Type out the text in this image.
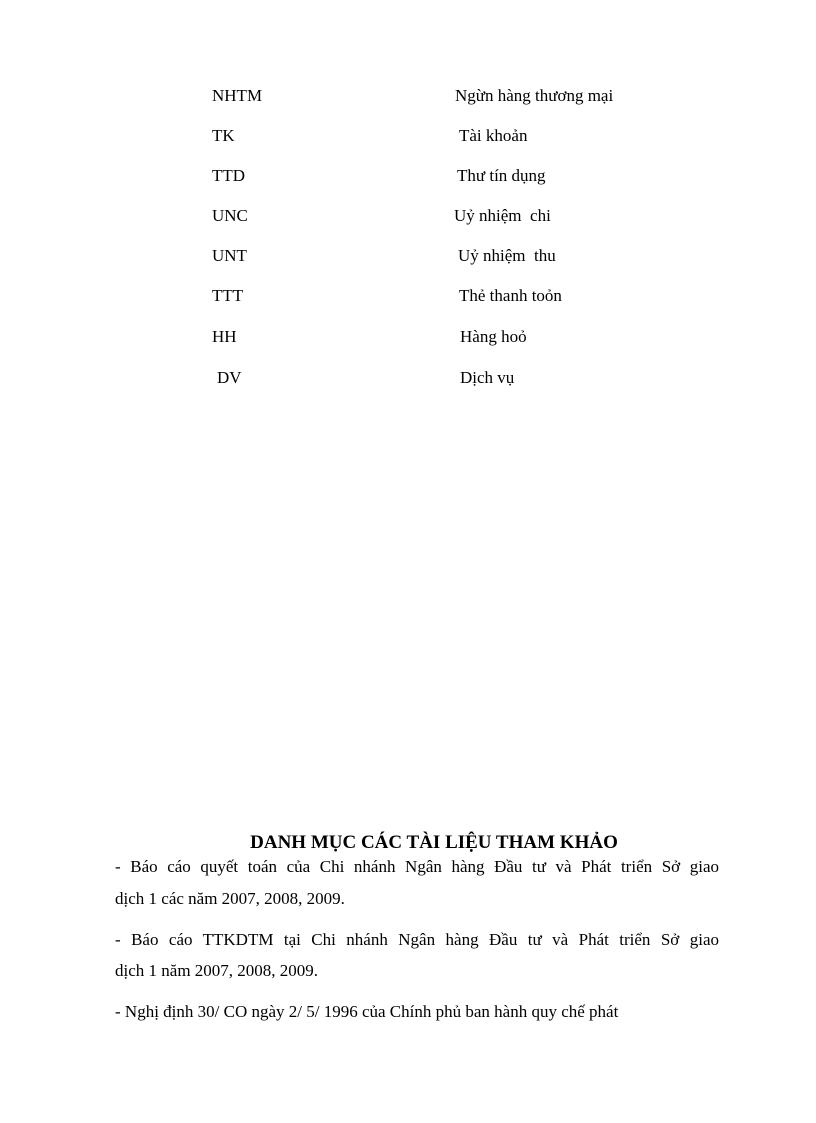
NHTM	Ngừn hàng thương mại
TK	Tài khoản
TTD	Thư tín dụng
UNC	Uỷ nhiệm  chi
UNT	Uỷ nhiệm  thu
TTT	Thẻ thanh toỏn
HH	Hàng hoỏ
DV	Dịch vụ
DANH MỤC CÁC TÀI LIỆU THAM KHẢO
- Báo cáo quyết toán của Chi nhánh Ngân hàng Đầu tư và Phát triển Sở giao
dịch 1 các năm 2007, 2008, 2009.
- Báo cáo TTKDTM tại Chi nhánh Ngân hàng Đầu tư và Phát triển Sở giao
dịch 1 năm 2007, 2008, 2009.
- Nghị định 30/ CO ngày 2/ 5/ 1996 của Chính phủ ban hành quy chế phát
